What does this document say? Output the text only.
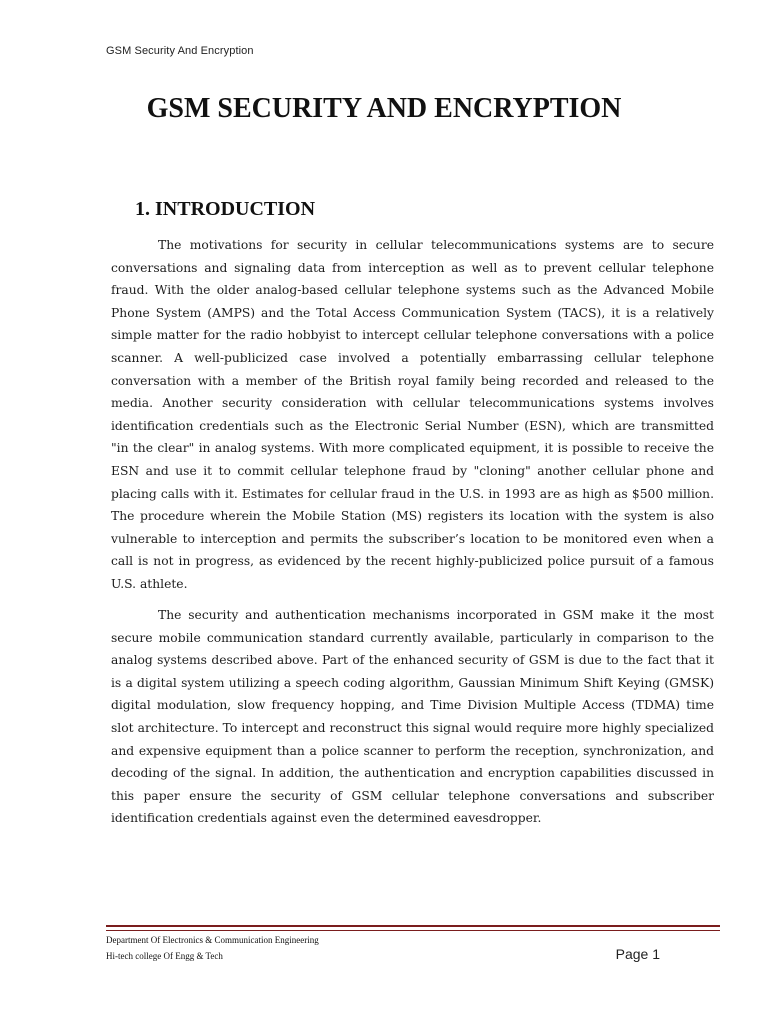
GSM Security And Encryption
GSM SECURITY AND ENCRYPTION
1. INTRODUCTION

The motivations for security in cellular telecommunications systems are to secure conversations and signaling data from interception as well as to prevent cellular telephone fraud. With the older analog-based cellular telephone systems such as the Advanced Mobile Phone System (AMPS) and the Total Access Communication System (TACS), it is a relatively simple matter for the radio hobbyist to intercept cellular telephone conversations with a police scanner. A well-publicized case involved a potentially embarrassing cellular telephone conversation with a member of the British royal family being recorded and released to the media. Another security consideration with cellular telecommunications systems involves identification credentials such as the Electronic Serial Number (ESN), which are transmitted "in the clear" in analog systems. With more complicated equipment, it is possible to receive the ESN and use it to commit cellular telephone fraud by "cloning" another cellular phone and placing calls with it. Estimates for cellular fraud in the U.S. in 1993 are as high as $500 million. The procedure wherein the Mobile Station (MS) registers its location with the system is also vulnerable to interception and permits the subscriber’s location to be monitored even when a call is not in progress, as evidenced by the recent highly-publicized police pursuit of a famous U.S. athlete.

The security and authentication mechanisms incorporated in GSM make it the most secure mobile communication standard currently available, particularly in comparison to the analog systems described above. Part of the enhanced security of GSM is due to the fact that it is a digital system utilizing a speech coding algorithm, Gaussian Minimum Shift Keying (GMSK) digital modulation, slow frequency hopping, and Time Division Multiple Access (TDMA) time slot architecture. To intercept and reconstruct this signal would require more highly specialized and expensive equipment than a police scanner to perform the reception, synchronization, and decoding of the signal. In addition, the authentication and encryption capabilities discussed in this paper ensure the security of GSM cellular telephone conversations and subscriber identification credentials against even the determined eavesdropper.

Department Of Electronics & Communication Engineering
Hi-tech college Of Engg & Tech	Page 1
